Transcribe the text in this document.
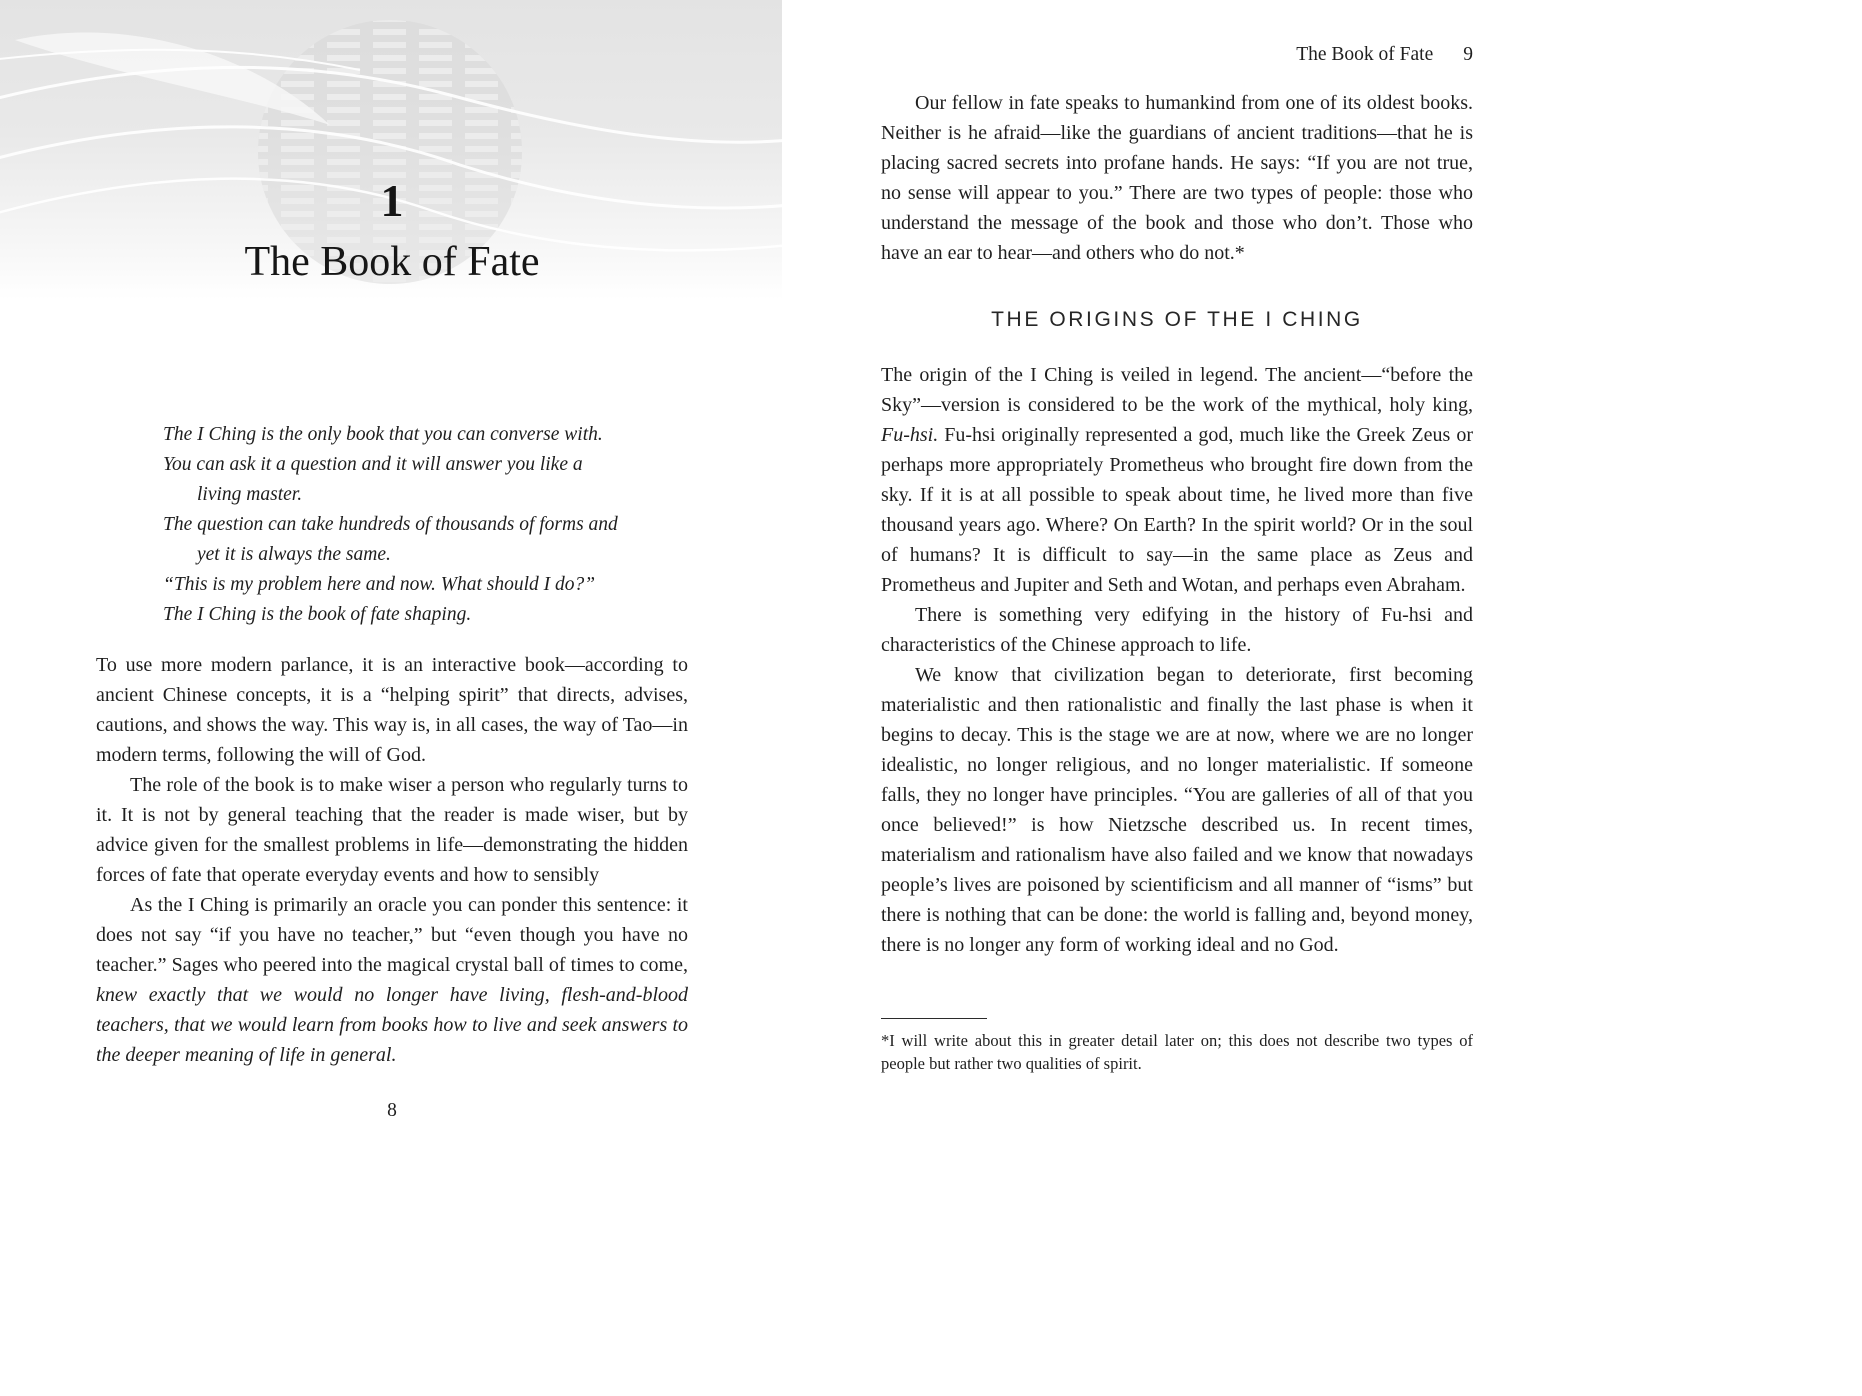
1
The Book of Fate
The I Ching is the only book that you can converse with.
You can ask it a question and it will answer you like a
living master.
The question can take hundreds of thousands of forms and
yet it is always the same.
“This is my problem here and now. What should I do?”
The I Ching is the book of fate shaping.

To use more modern parlance, it is an interactive book—according to ancient Chinese concepts, it is a “helping spirit” that directs, advises, cautions, and shows the way. This way is, in all cases, the way of Tao—in modern terms, following the will of God.

The role of the book is to make wiser a person who regularly turns to it. It is not by general teaching that the reader is made wiser, but by advice given for the smallest problems in life—demonstrating the hidden forces of fate that operate everyday events and how to sensibly

As the I Ching is primarily an oracle you can ponder this sentence: it does not say “if you have no teacher,” but “even though you have no teacher.” Sages who peered into the magical crystal ball of times to come, knew exactly that we would no longer have living, flesh-and-blood teachers, that we would learn from books how to live and seek answers to the deeper meaning of life in general.

8
The Book of Fate 9

Our fellow in fate speaks to humankind from one of its oldest books. Neither is he afraid—like the guardians of ancient traditions—that he is placing sacred secrets into profane hands. He says: “If you are not true, no sense will appear to you.” There are two types of people: those who understand the message of the book and those who don’t. Those who have an ear to hear—and others who do not.*

THE ORIGINS OF THE I CHING

The origin of the I Ching is veiled in legend. The ancient—“before the Sky”—version is considered to be the work of the mythical, holy king, Fu-hsi. Fu-hsi originally represented a god, much like the Greek Zeus or perhaps more appropriately Prometheus who brought fire down from the sky. If it is at all possible to speak about time, he lived more than five thousand years ago. Where? On Earth? In the spirit world? Or in the soul of humans? It is difficult to say—in the same place as Zeus and Prometheus and Jupiter and Seth and Wotan, and perhaps even Abraham.

There is something very edifying in the history of Fu-hsi and characteristics of the Chinese approach to life.

We know that civilization began to deteriorate, first becoming materialistic and then rationalistic and finally the last phase is when it begins to decay. This is the stage we are at now, where we are no longer idealistic, no longer religious, and no longer materialistic. If someone falls, they no longer have principles. “You are galleries of all of that you once believed!” is how Nietzsche described us. In recent times, materialism and rationalism have also failed and we know that nowadays people’s lives are poisoned by scientificism and all manner of “isms” but there is nothing that can be done: the world is falling and, beyond money, there is no longer any form of working ideal and no God.

*I will write about this in greater detail later on; this does not describe two types of people but rather two qualities of spirit.
